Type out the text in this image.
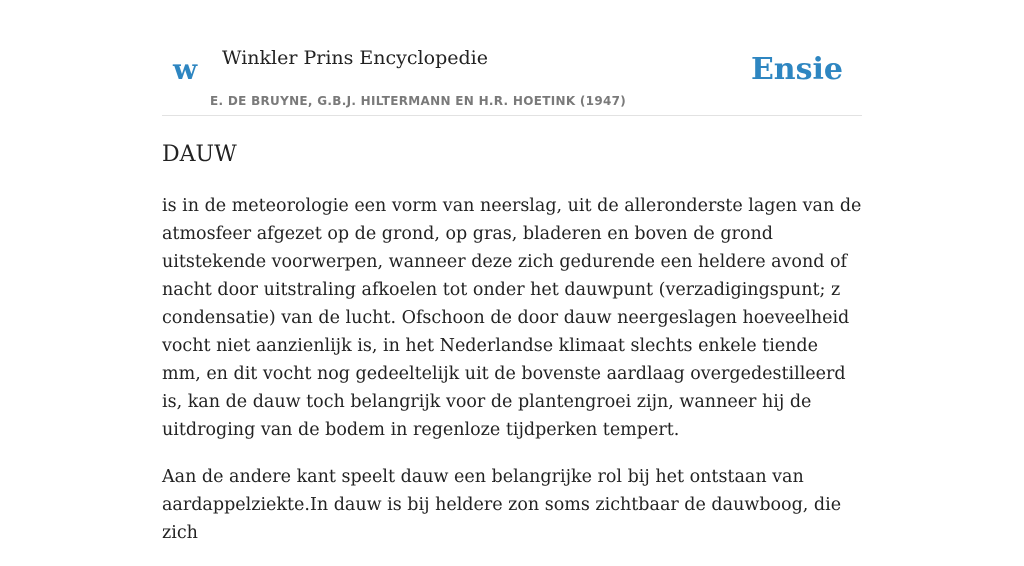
w Winkler Prins Encyclopedie
E. DE BRUYNE, G.B.J. HILTERMANN EN H.R. HOETINK (1947)
Ensie
DAUW

is in de meteorologie een vorm van neerslag, uit de alleronderste lagen van de atmosfeer afgezet op de grond, op gras, bladeren en boven de grond uitstekende voorwerpen, wanneer deze zich gedurende een heldere avond of nacht door uitstraling afkoelen tot onder het dauwpunt (verzadigingspunt; z condensatie) van de lucht. Ofschoon de door dauw neergeslagen hoeveelheid vocht niet aanzienlijk is, in het Nederlandse klimaat slechts enkele tiende mm, en dit vocht nog gedeeltelijk uit de bovenste aardlaag overgedestilleerd is, kan de dauw toch belangrijk voor de plantengroei zijn, wanneer hij de uitdroging van de bodem in regenloze tijdperken tempert.

Aan de andere kant speelt dauw een belangrijke rol bij het ontstaan van aardappelziekte.In dauw is bij heldere zon soms zichtbaar de dauwboog, die zich
